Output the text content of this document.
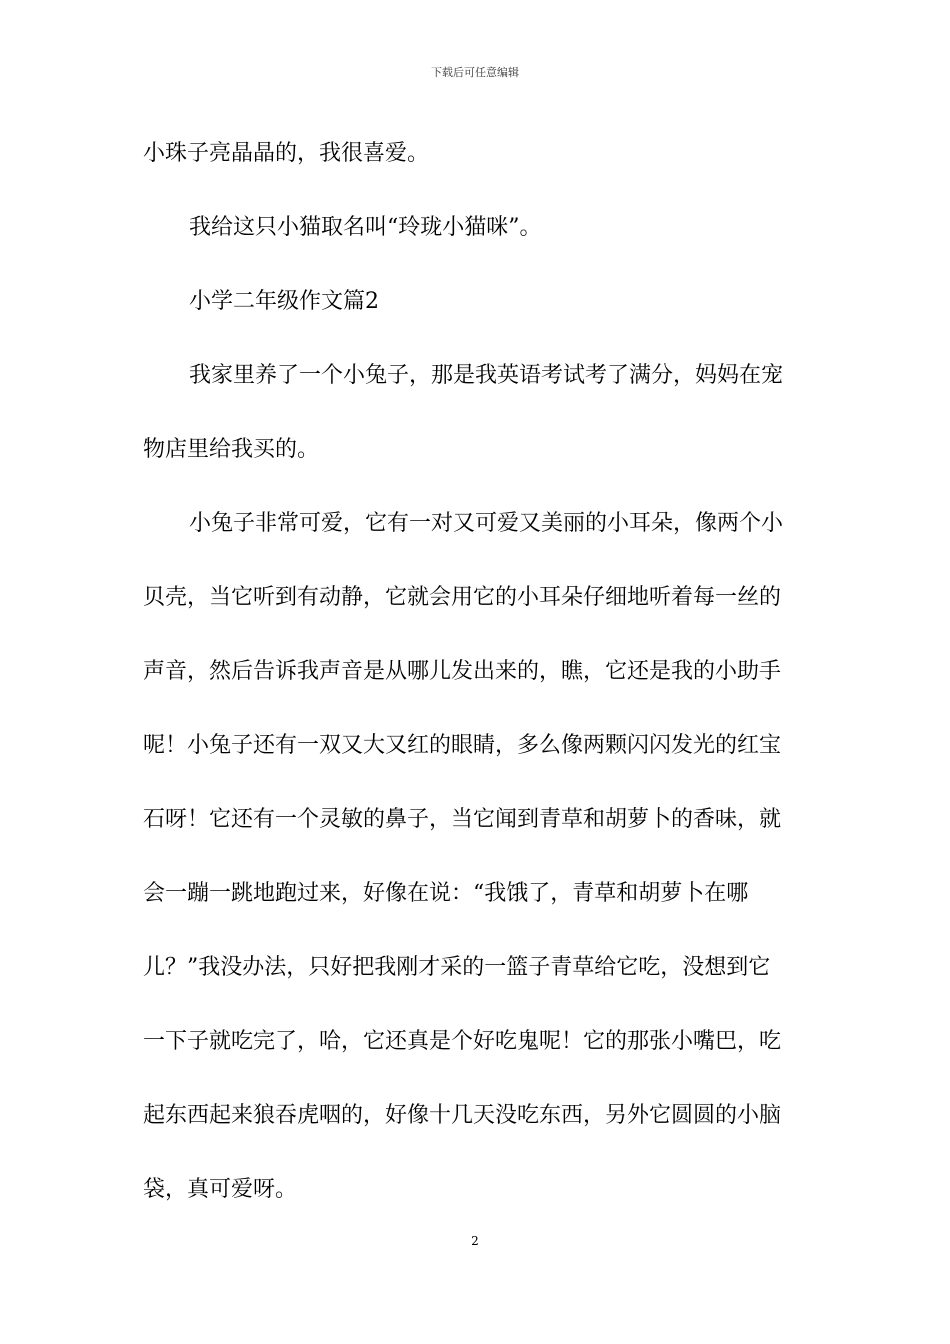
下载后可任意编辑
小珠子亮晶晶的，我很喜爱。
我给这只小猫取名叫“玲珑小猫咪”。
小学二年级作文篇2
我家里养了一个小兔子，那是我英语考试考了满分，妈妈在宠
物店里给我买的。
小兔子非常可爱，它有一对又可爱又美丽的小耳朵，像两个小
贝壳，当它听到有动静，它就会用它的小耳朵仔细地听着每一丝的
声音，然后告诉我声音是从哪儿发出来的，瞧，它还是我的小助手
呢！小兔子还有一双又大又红的眼睛，多么像两颗闪闪发光的红宝
石呀！它还有一个灵敏的鼻子，当它闻到青草和胡萝卜的香味，就
会一蹦一跳地跑过来，好像在说：“我饿了，青草和胡萝卜在哪
儿？”我没办法，只好把我刚才采的一篮子青草给它吃，没想到它
一下子就吃完了，哈，它还真是个好吃鬼呢！它的那张小嘴巴，吃
起东西起来狼吞虎咽的，好像十几天没吃东西，另外它圆圆的小脑
袋，真可爱呀。
2
